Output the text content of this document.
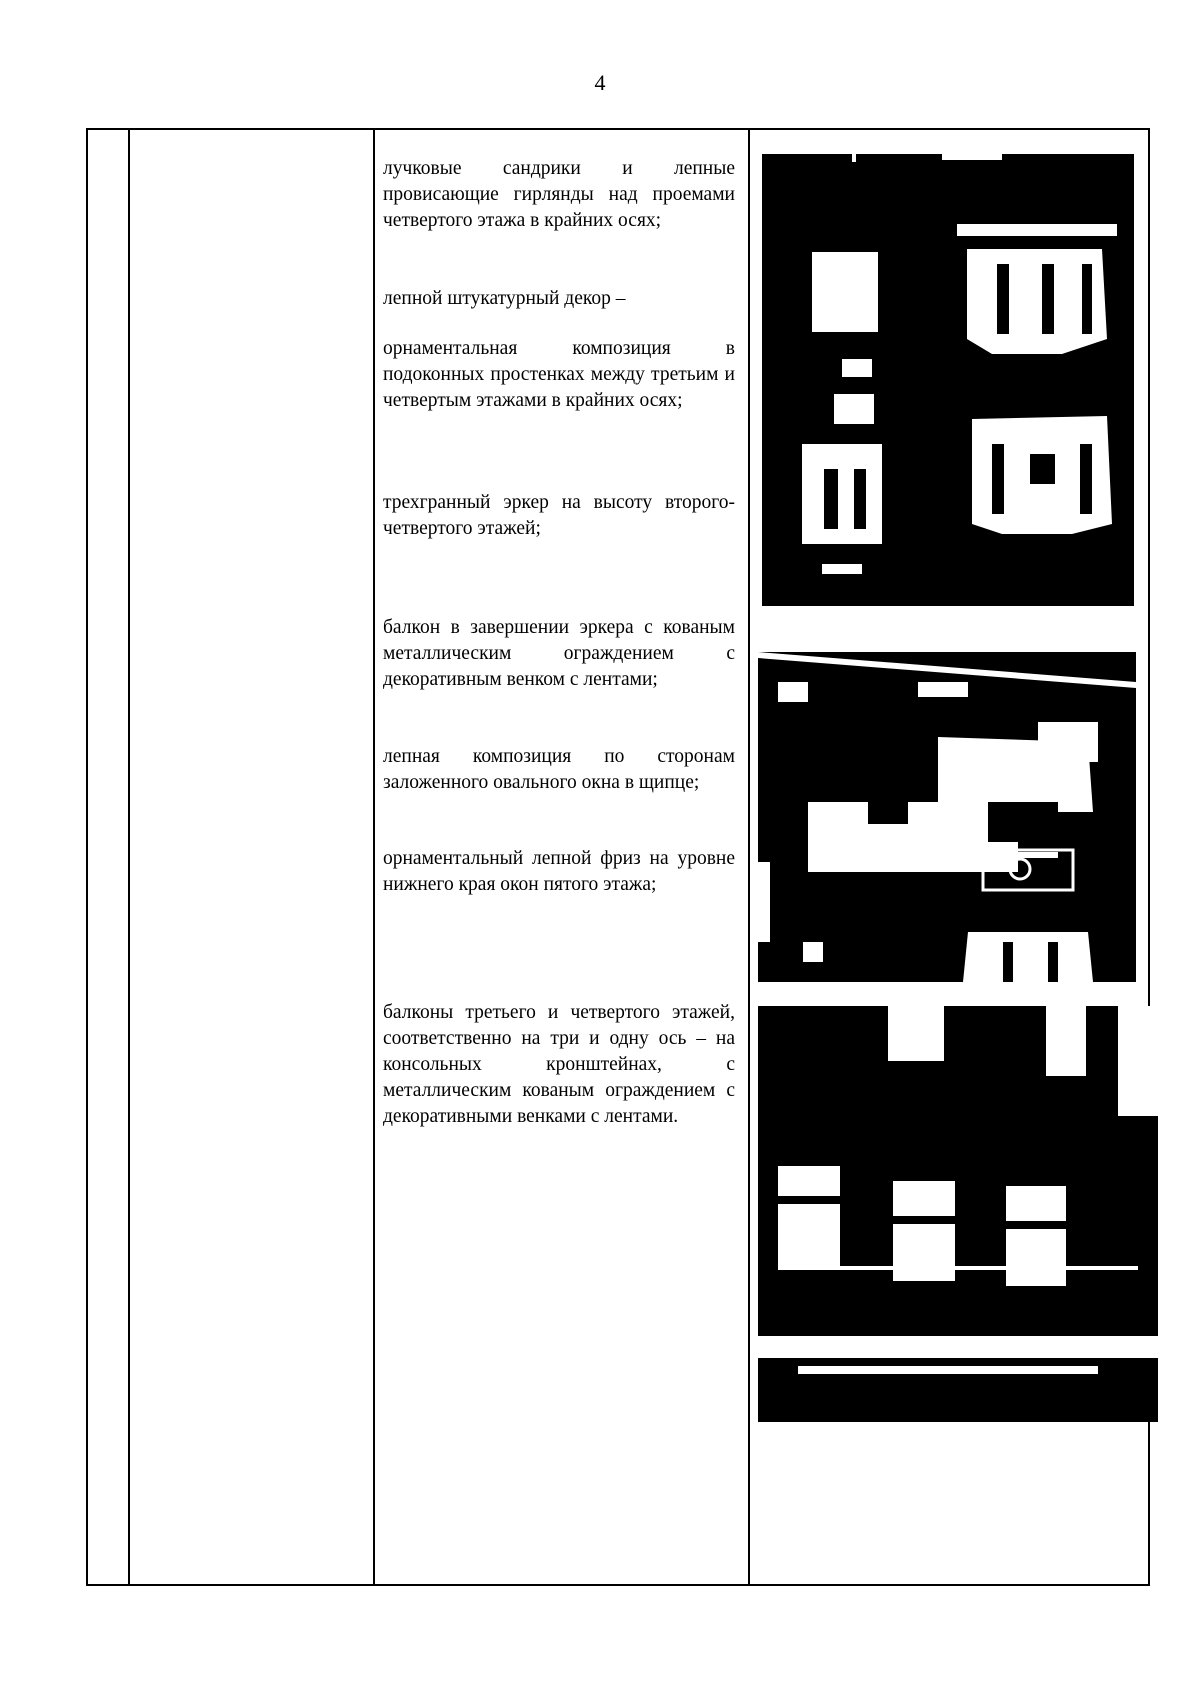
4
лучковые сандрики и лепные провисающие гирлянды над проемами четвертого этажа в крайних осях;
лепной штукатурный декор –
орнаментальная композиция в подоконных простенках между третьим и четвертым этажами в крайних осях;
трехгранный эркер на высоту второго-четвертого этажей;
балкон в завершении эркера с кованым металлическим ограждением с декоративным венком с лентами;
лепная композиция по сторонам заложенного овального окна в щипце;
орнаментальный лепной фриз на уровне нижнего края окон пятого этажа;
балконы третьего и четвертого этажей, соответственно на три и одну ось – на консольных кронштейнах, с металлическим кованым ограждением с декоративными венками с лентами.
